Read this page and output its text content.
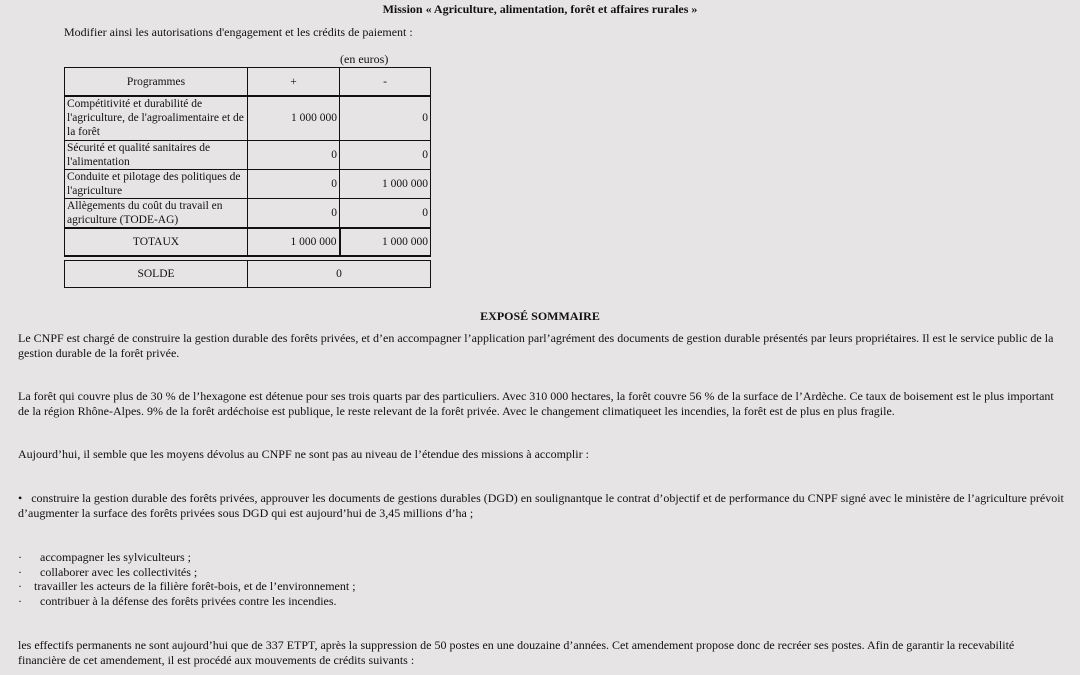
Mission « Agriculture, alimentation, forêt et affaires rurales »
Modifier ainsi les autorisations d'engagement et les crédits de paiement :
(en euros)
Programmes	+	-
Compétitivité et durabilité de l'agriculture, de l'agroalimentaire et de la forêt	1 000 000	0
Sécurité et qualité sanitaires de l'alimentation	0	0
Conduite et pilotage des politiques de l'agriculture	0	1 000 000
Allègements du coût du travail en agriculture (TODE-AG)	0	0
TOTAUX	1 000 000	1 000 000

SOLDE	0	
EXPOSÉ SOMMAIRE
Le CNPF est chargé de construire la gestion durable des forêts privées, et d’en accompagner l’application parl’agrément des documents de gestion durable présentés par leurs propriétaires. Il est le service public de la gestion durable de la forêt privée.
La forêt qui couvre plus de 30 % de l’hexagone est détenue pour ses trois quarts par des particuliers. Avec 310 000 hectares, la forêt couvre 56 % de la surface de l’Ardèche. Ce taux de boisement est le plus important de la région Rhône-Alpes. 9% de la forêt ardéchoise est publique, le reste relevant de la forêt privée. Avec le changement climatiqueet les incendies, la forêt est de plus en plus fragile.
Aujourd’hui, il semble que les moyens dévolus au CNPF ne sont pas au niveau de l’étendue des missions à accomplir :
• construire la gestion durable des forêts privées, approuver les documents de gestions durables (DGD) en soulignantque le contrat d’objectif et de performance du CNPF signé avec le ministère de l’agriculture prévoit d’augmenter la surface des forêts privées sous DGD qui est aujourd’hui de 3,45 millions d’ha ;
· accompagner les sylviculteurs ;
· collaborer avec les collectivités ;
· travailler les acteurs de la filière forêt-bois, et de l’environnement ;
· contribuer à la défense des forêts privées contre les incendies.
les effectifs permanents ne sont aujourd’hui que de 337 ETPT, après la suppression de 50 postes en une douzaine d’années. Cet amendement propose donc de recréer ses postes. Afin de garantir la recevabilité financière de cet amendement, il est procédé aux mouvements de crédits suivants :
